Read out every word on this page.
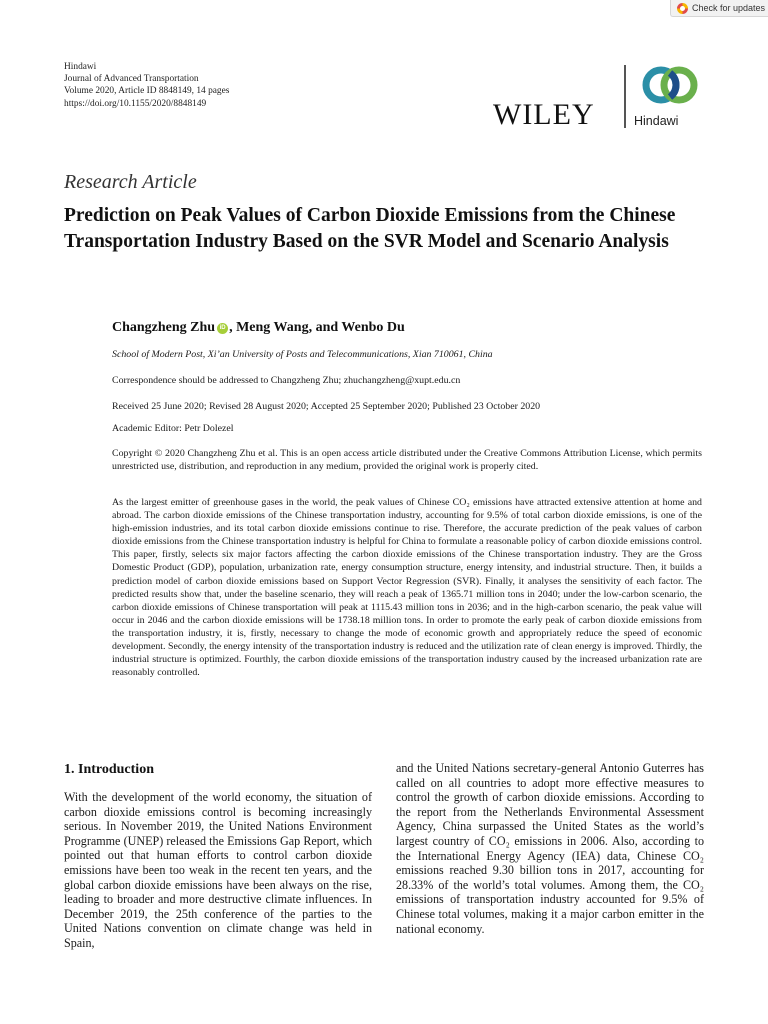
Check for updates
Hindawi
Journal of Advanced Transportation
Volume 2020, Article ID 8848149, 14 pages
https://doi.org/10.1155/2020/8848149	WILEY	Hindawi
Research Article
Prediction on Peak Values of Carbon Dioxide Emissions from the Chinese Transportation Industry Based on the SVR Model and Scenario Analysis
Changzheng Zhu iD , Meng Wang, and Wenbo Du
School of Modern Post, Xi’an University of Posts and Telecommunications, Xian 710061, China
Correspondence should be addressed to Changzheng Zhu; zhuchangzheng@xupt.edu.cn
Received 25 June 2020; Revised 28 August 2020; Accepted 25 September 2020; Published 23 October 2020
Academic Editor: Petr Dolezel
Copyright © 2020 Changzheng Zhu et al. This is an open access article distributed under the Creative Commons Attribution License, which permits unrestricted use, distribution, and reproduction in any medium, provided the original work is properly cited.
As the largest emitter of greenhouse gases in the world, the peak values of Chinese CO₂ emissions have attracted extensive attention at home and abroad. The carbon dioxide emissions of the Chinese transportation industry, accounting for 9.5% of total carbon dioxide emissions, is one of the high-emission industries, and its total carbon dioxide emissions continue to rise. Therefore, the accurate prediction of the peak values of carbon dioxide emissions from the Chinese transportation industry is helpful for China to formulate a reasonable policy of carbon dioxide emissions control. This paper, firstly, selects six major factors affecting the carbon dioxide emissions of the Chinese transportation industry. They are the Gross Domestic Product (GDP), population, urbanization rate, energy consumption structure, energy intensity, and industrial structure. Then, it builds a prediction model of carbon dioxide emissions based on Support Vector Regression (SVR). Finally, it analyses the sensitivity of each factor. The predicted results show that, under the baseline scenario, they will reach a peak of 1365.71 million tons in 2040; under the low-carbon scenario, the carbon dioxide emissions of Chinese transportation will peak at 1115.43 million tons in 2036; and in the high-carbon scenario, the peak value will occur in 2046 and the carbon dioxide emissions will be 1738.18 million tons. In order to promote the early peak of carbon dioxide emissions from the transportation industry, it is, firstly, necessary to change the mode of economic growth and appropriately reduce the speed of economic development. Secondly, the energy intensity of the transportation industry is reduced and the utilization rate of clean energy is improved. Thirdly, the industrial structure is optimized. Fourthly, the carbon dioxide emissions of the transportation industry caused by the increased urbanization rate are reasonably controlled.
1. Introduction
With the development of the world economy, the situation of carbon dioxide emissions control is becoming increasingly serious. In November 2019, the United Nations Environment Programme (UNEP) released the Emissions Gap Report, which pointed out that human efforts to control carbon dioxide emissions have been too weak in the recent ten years, and the global carbon dioxide emissions have been always on the rise, leading to broader and more destructive climate influences. In December 2019, the 25th conference of the parties to the United Nations convention on climate change was held in Spain,
and the United Nations secretary-general Antonio Guterres has called on all countries to adopt more effective measures to control the growth of carbon dioxide emissions. According to the report from the Netherlands Environmental Assessment Agency, China surpassed the United States as the world’s largest country of CO₂ emissions in 2006. Also, according to the International Energy Agency (IEA) data, Chinese CO₂ emissions reached 9.30 billion tons in 2017, accounting for 28.33% of the world’s total volumes. Among them, the CO₂ emissions of transportation industry accounted for 9.5% of Chinese total volumes, making it a major carbon emitter in the national economy.
